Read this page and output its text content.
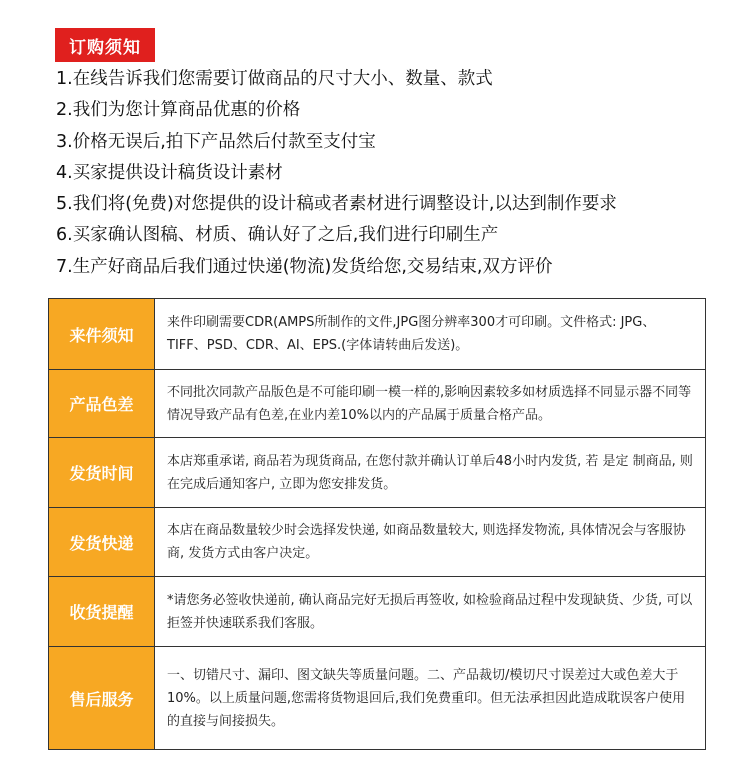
订购须知
1.在线告诉我们您需要订做商品的尺寸大小、数量、款式
2.我们为您计算商品优惠的价格
3.价格无误后,拍下产品然后付款至支付宝
4.买家提供设计稿货设计素材
5.我们将(免费)对您提供的设计稿或者素材进行调整设计,以达到制作要求
6.买家确认图稿、材质、确认好了之后,我们进行印刷生产
7.生产好商品后我们通过快递(物流)发货给您,交易结束,双方评价
来件须知
来件印刷需要CDR(AMPS所制作的文件,JPG图分辨率300才可印刷。文件格式: JPG、TIFF、PSD、CDR、AI、EPS.(字体请转曲后发送)。
产品色差
不同批次同款产品版色是不可能印刷一模一样的,影响因素较多如材质选择不同显示器不同等情况导致产品有色差,在业内差10%以内的产品属于质量合格产品。
发货时间
本店郑重承诺, 商品若为现货商品, 在您付款并确认订单后48小时内发货, 若 是定 制商品, 则在完成后通知客户, 立即为您安排发货。
发货快递
本店在商品数量较少时会选择发快递, 如商品数量较大, 则选择发物流, 具体情况会与客服协商, 发货方式由客户决定。
收货提醒
*请您务必签收快递前, 确认商品完好无损后再签收, 如检验商品过程中发现缺货、少货, 可以拒签并快速联系我们客服。
售后服务
一、切错尺寸、漏印、图文缺失等质量问题。二、产品裁切/模切尺寸误差过大或色差大于10%。以上质量问题,您需将货物退回后,我们免费重印。但无法承担因此造成耽误客户使用的直接与间接损失。
